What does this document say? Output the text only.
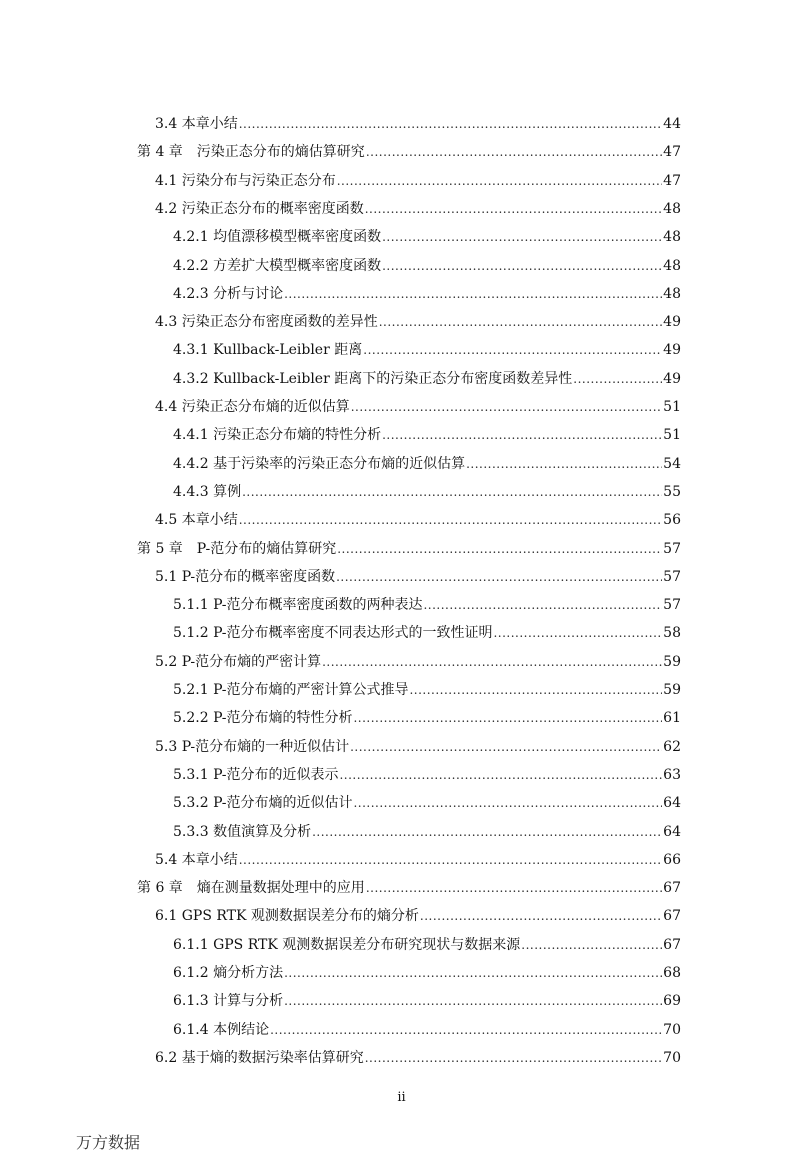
3.4 本章小结 .....	44
第 4 章　污染正态分布的熵估算研究 .....	47
4.1 污染分布与污染正态分布 .....	47
4.2 污染正态分布的概率密度函数 .....	48
4.2.1 均值漂移模型概率密度函数 .....	48
4.2.2 方差扩大模型概率密度函数 .....	48
4.2.3 分析与讨论 .....	48
4.3 污染正态分布密度函数的差异性 .....	49
4.3.1 Kullback-Leibler 距离 .....	49
4.3.2 Kullback-Leibler 距离下的污染正态分布密度函数差异性 .....	49
4.4 污染正态分布熵的近似估算 .....	51
4.4.1 污染正态分布熵的特性分析 .....	51
4.4.2 基于污染率的污染正态分布熵的近似估算 .....	54
4.4.3 算例 .....	55
4.5 本章小结 .....	56
第 5 章　P-范分布的熵估算研究 .....	57
5.1 P-范分布的概率密度函数 .....	57
5.1.1 P-范分布概率密度函数的两种表达 .....	57
5.1.2 P-范分布概率密度不同表达形式的一致性证明 .....	58
5.2 P-范分布熵的严密计算 .....	59
5.2.1 P-范分布熵的严密计算公式推导 .....	59
5.2.2 P-范分布熵的特性分析 .....	61
5.3 P-范分布熵的一种近似估计 .....	62
5.3.1 P-范分布的近似表示 .....	63
5.3.2 P-范分布熵的近似估计 .....	64
5.3.3 数值演算及分析 .....	64
5.4 本章小结 .....	66
第 6 章　熵在测量数据处理中的应用 .....	67
6.1 GPS RTK 观测数据误差分布的熵分析 .....	67
6.1.1 GPS RTK 观测数据误差分布研究现状与数据来源 .....	67
6.1.2 熵分析方法 .....	68
6.1.3 计算与分析 .....	69
6.1.4 本例结论 .....	70
6.2 基于熵的数据污染率估算研究 .....	70
ii
万方数据
